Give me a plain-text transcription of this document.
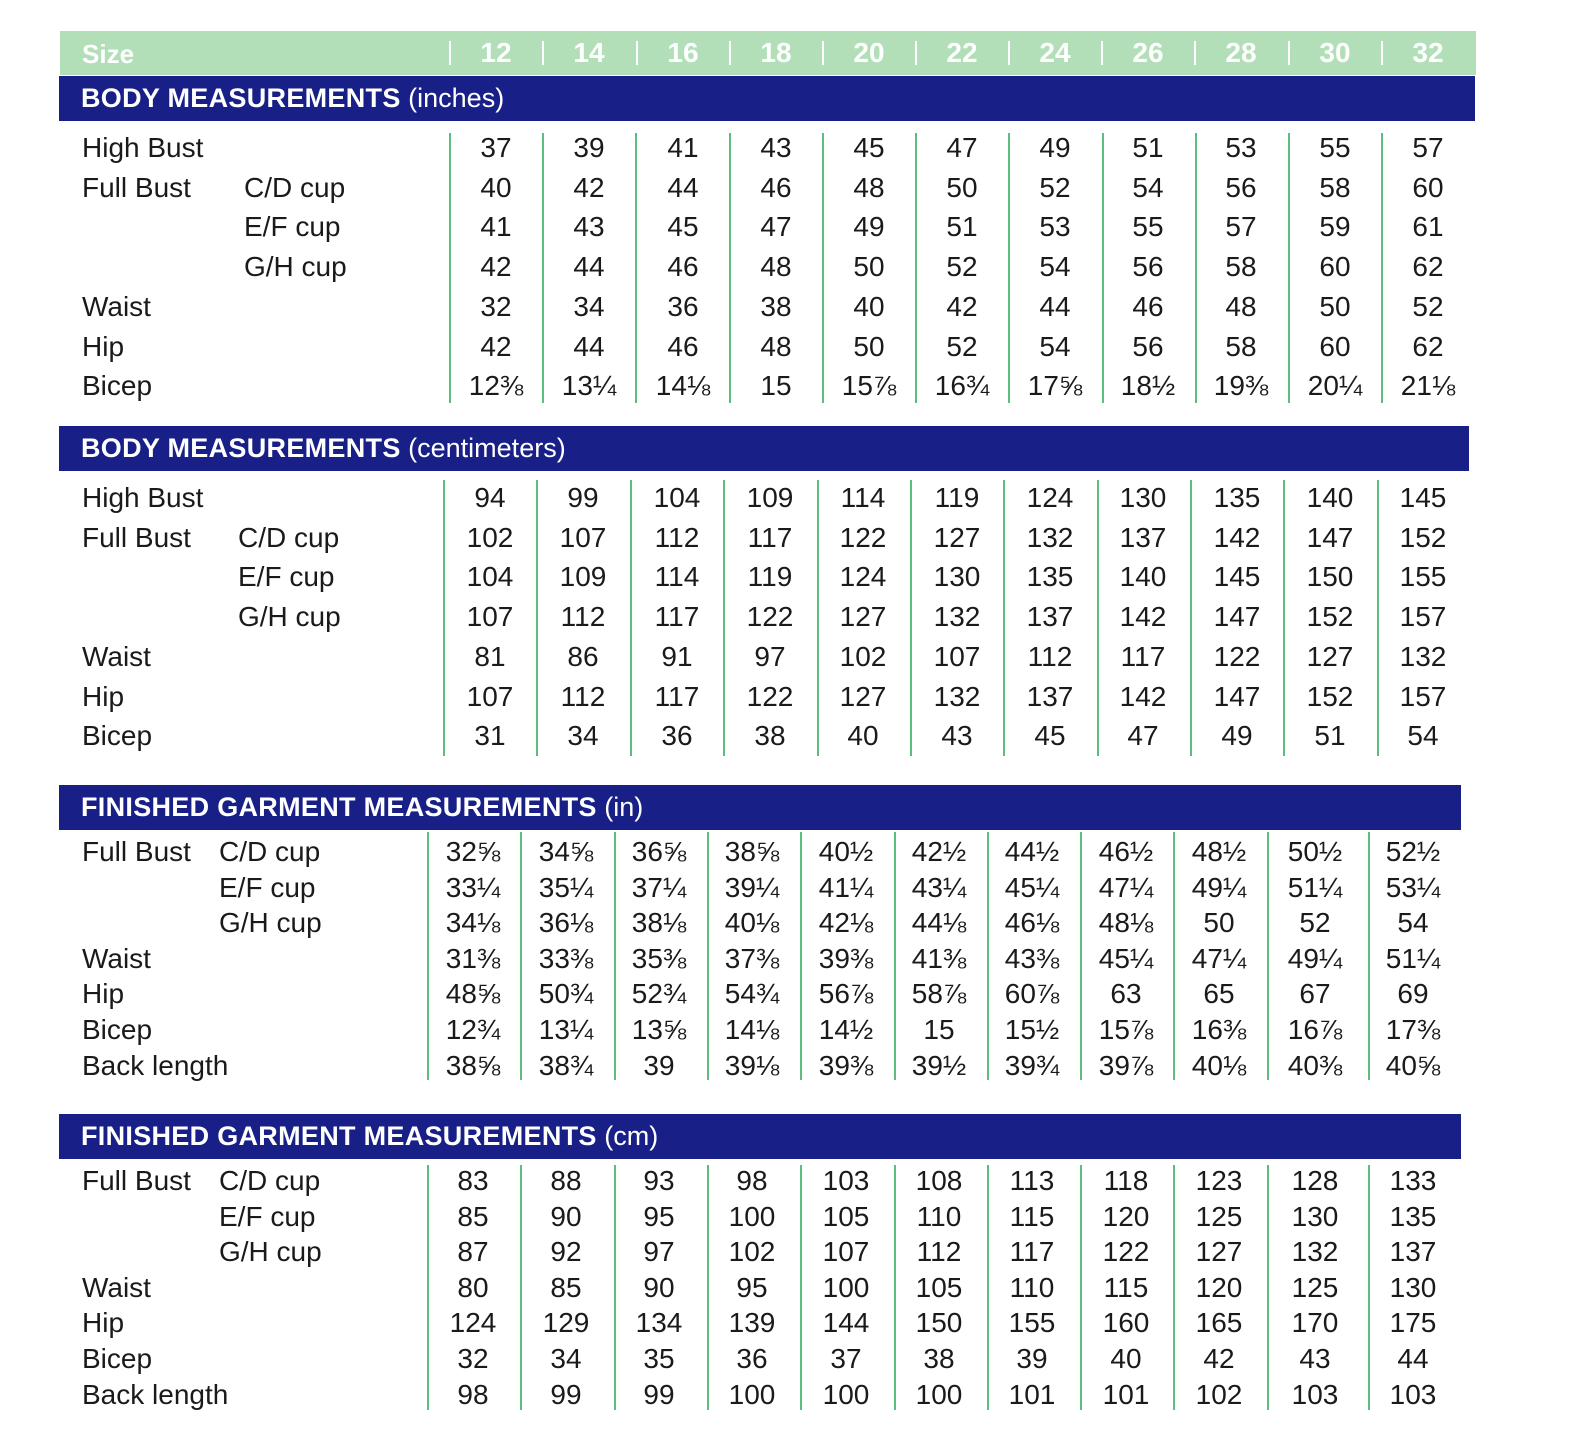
Size	12	14	16	18	20	22	24	26	28	30	32
BODY MEASUREMENTS (inches)
High Bust	37	39	41	43	45	47	49	51	53	55	57
Full Bust C/D cup	40	42	44	46	48	50	52	54	56	58	60
E/F cup	41	43	45	47	49	51	53	55	57	59	61
G/H cup	42	44	46	48	50	52	54	56	58	60	62
Waist	32	34	36	38	40	42	44	46	48	50	52
Hip	42	44	46	48	50	52	54	56	58	60	62
Bicep	12⅜	13¼	14⅛	15	15⅞	16¾	17⅝	18½	19⅜	20¼	21⅛
BODY MEASUREMENTS (centimeters)
High Bust	94	99	104	109	114	119	124	130	135	140	145
Full Bust C/D cup	102	107	112	117	122	127	132	137	142	147	152
E/F cup	104	109	114	119	124	130	135	140	145	150	155
G/H cup	107	112	117	122	127	132	137	142	147	152	157
Waist	81	86	91	97	102	107	112	117	122	127	132
Hip	107	112	117	122	127	132	137	142	147	152	157
Bicep	31	34	36	38	40	43	45	47	49	51	54
FINISHED GARMENT MEASUREMENTS (in)
Full Bust C/D cup	32⅝	34⅝	36⅝	38⅝	40½	42½	44½	46½	48½	50½	52½
E/F cup	33¼	35¼	37¼	39¼	41¼	43¼	45¼	47¼	49¼	51¼	53¼
G/H cup	34⅛	36⅛	38⅛	40⅛	42⅛	44⅛	46⅛	48⅛	50	52	54
Waist	31⅜	33⅜	35⅜	37⅜	39⅜	41⅜	43⅜	45¼	47¼	49¼	51¼
Hip	48⅝	50¾	52¾	54¾	56⅞	58⅞	60⅞	63	65	67	69
Bicep	12¾	13¼	13⅝	14⅛	14½	15	15½	15⅞	16⅜	16⅞	17⅜
Back length	38⅝	38¾	39	39⅛	39⅜	39½	39¾	39⅞	40⅛	40⅜	40⅝
FINISHED GARMENT MEASUREMENTS (cm)
Full Bust C/D cup	83	88	93	98	103	108	113	118	123	128	133
E/F cup	85	90	95	100	105	110	115	120	125	130	135
G/H cup	87	92	97	102	107	112	117	122	127	132	137
Waist	80	85	90	95	100	105	110	115	120	125	130
Hip	124	129	134	139	144	150	155	160	165	170	175
Bicep	32	34	35	36	37	38	39	40	42	43	44
Back length	98	99	99	100	100	100	101	101	102	103	103
